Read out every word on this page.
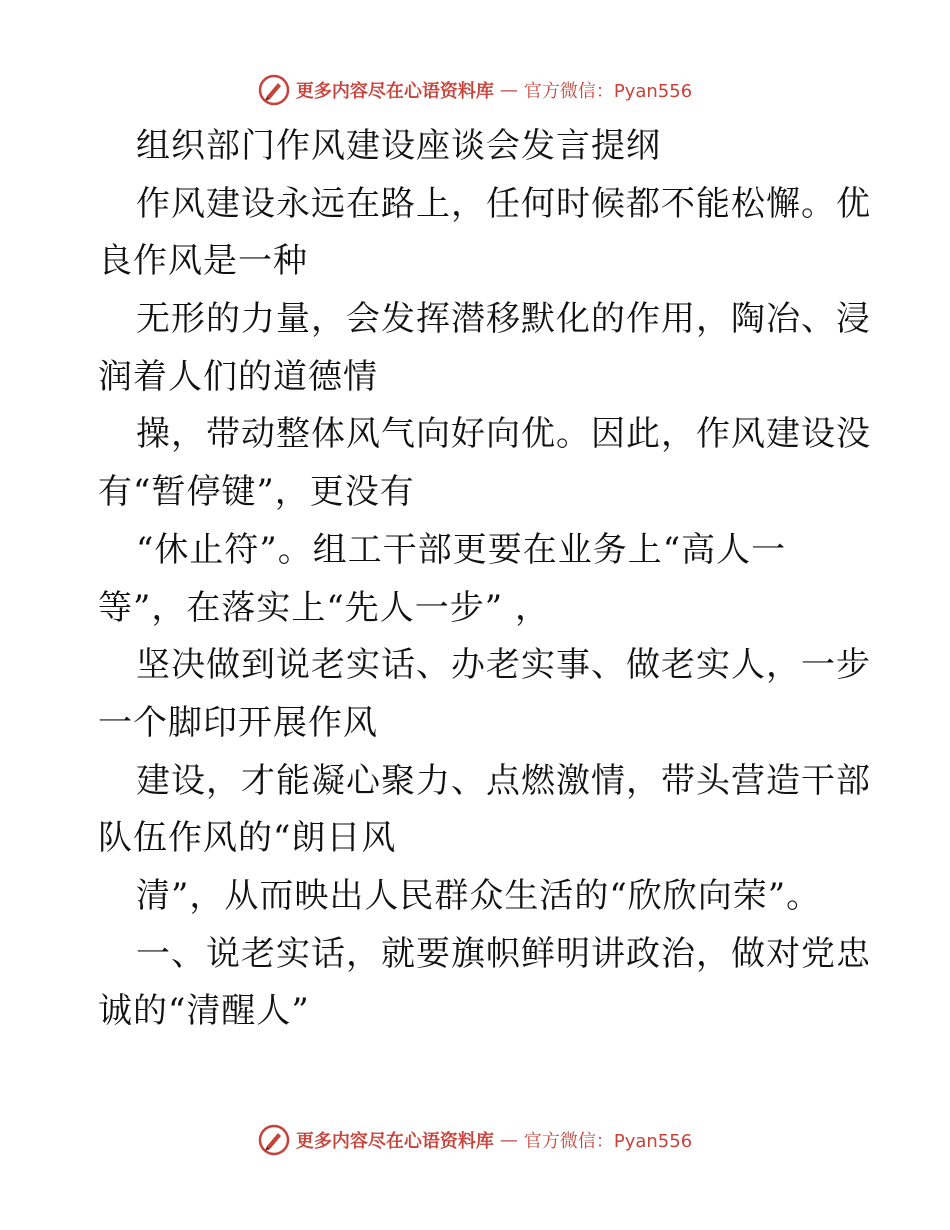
更多内容尽在心语资料库 — 官方微信：Pyan556
组织部门作风建设座谈会发言提纲
作风建设永远在路上，任何时候都不能松懈。优
良作风是一种
无形的力量，会发挥潜移默化的作用，陶冶、浸
润着人们的道德情
操，带动整体风气向好向优。因此，作风建设没
有“暂停键”，更没有
“休止符”。组工干部更要在业务上“高人一
等”，在落实上“先人一步” ，
坚决做到说老实话、办老实事、做老实人，一步
一个脚印开展作风
建设，才能凝心聚力、点燃激情，带头营造干部
队伍作风的“朗日风
清”，从而映出人民群众生活的“欣欣向荣”。
一、说老实话，就要旗帜鲜明讲政治，做对党忠
诚的“清醒人”
更多内容尽在心语资料库 — 官方微信：Pyan556
